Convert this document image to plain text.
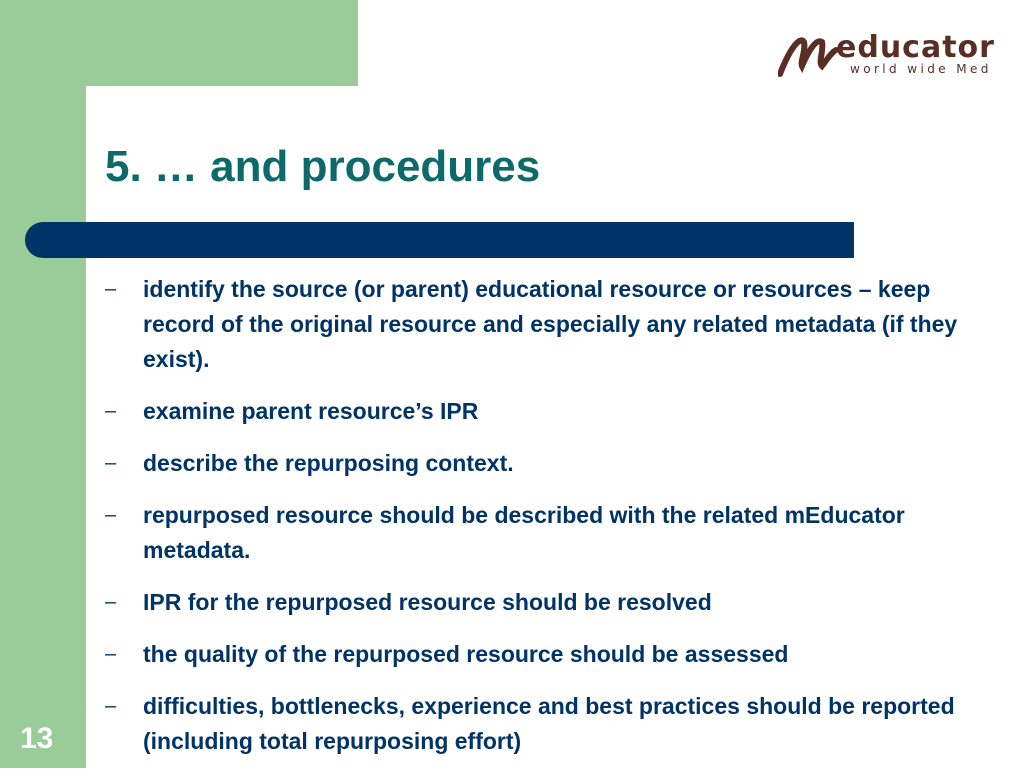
educator
world wide Med
5. … and procedures
– identify the source (or parent) educational resource or resources – keep record of the original resource and especially any related metadata (if they exist).
– examine parent resource’s IPR
– describe the repurposing context.
– repurposed resource should be described with the related mEducator metadata.
– IPR for the repurposed resource should be resolved
– the quality of the repurposed resource should be assessed
– difficulties, bottlenecks, experience and best practices should be reported (including total repurposing effort)
13
